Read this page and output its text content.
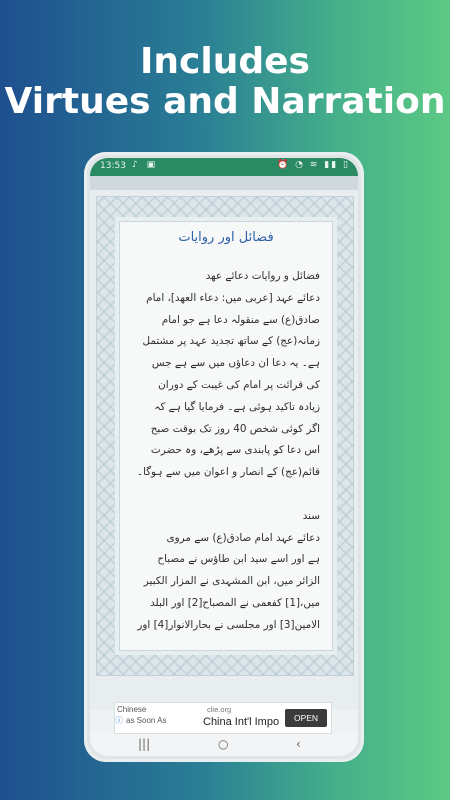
Includes
Virtues and Narration
13:53 ♪ ▣	⏰ ◔ ≋ ▮▮ ▯
فضائل اور روایات
فضائل و روایات دعائے عهد
دعائے عہد [عربی میں: دعاء العهد]، امام
صادق(ع) سے منقولہ دعا ہے جو امام
زمانہ(عج) کے ساتھ تجدید عہد پر مشتمل
ہے۔ یہ دعا ان دعاؤں میں سے ہے جس
کی قرائت پر امام کی غیبت کے دوران
زیادہ تاکید ہوئی ہے۔ فرمایا گیا ہے کہ
اگر کوئی شخص 40 روز تک بوقت صبح
اس دعا کو پابندی سے پڑھے، وہ حضرت
قائم(عج) کے انصار و اعوان میں سے ہوگا۔
سند
دعائے عہد امام صادق(ع) سے مروی
ہے اور اسے سید ابن طاؤس نے مصباح
الزائر میں، ابن المشہدی نے المزار الکبیر
میں،[1] کفعمی نے المصباح[2] اور البلد
الامین[3] اور مجلسی نے بحارالانوار[4] اور
Chinese
ⓘ as Soon As
clie.org
China Int'l Impo	OPEN
|||	○	‹
